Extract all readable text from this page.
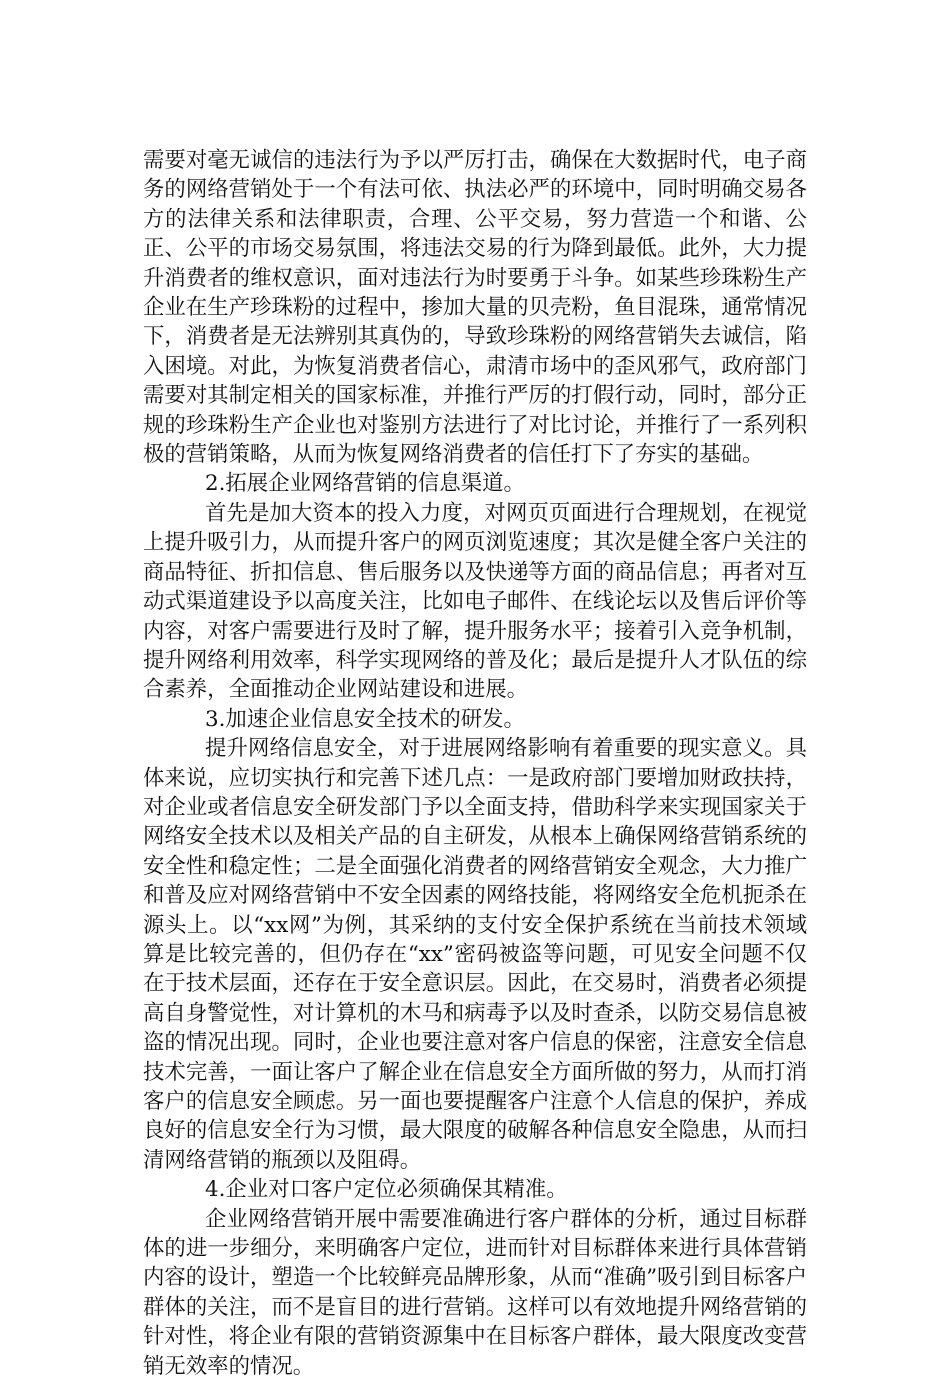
需要对毫无诚信的违法行为予以严厉打击，确保在大数据时代，电子商务的网络营销处于一个有法可依、执法必严的环境中，同时明确交易各方的法律关系和法律职责，合理、公平交易，努力营造一个和谐、公正、公平的市场交易氛围，将违法交易的行为降到最低。此外，大力提升消费者的维权意识，面对违法行为时要勇于斗争。如某些珍珠粉生产企业在生产珍珠粉的过程中，掺加大量的贝壳粉，鱼目混珠，通常情况下，消费者是无法辨别其真伪的，导致珍珠粉的网络营销失去诚信，陷入困境。对此，为恢复消费者信心，肃清市场中的歪风邪气，政府部门需要对其制定相关的国家标准，并推行严厉的打假行动，同时，部分正规的珍珠粉生产企业也对鉴别方法进行了对比讨论，并推行了一系列积极的营销策略，从而为恢复网络消费者的信任打下了夯实的基础。

2.拓展企业网络营销的信息渠道。

首先是加大资本的投入力度，对网页页面进行合理规划，在视觉上提升吸引力，从而提升客户的网页浏览速度；其次是健全客户关注的商品特征、折扣信息、售后服务以及快递等方面的商品信息；再者对互动式渠道建设予以高度关注，比如电子邮件、在线论坛以及售后评价等内容，对客户需要进行及时了解，提升服务水平；接着引入竞争机制，提升网络利用效率，科学实现网络的普及化；最后是提升人才队伍的综合素养，全面推动企业网站建设和进展。

3.加速企业信息安全技术的研发。

提升网络信息安全，对于进展网络影响有着重要的现实意义。具体来说，应切实执行和完善下述几点：一是政府部门要增加财政扶持，对企业或者信息安全研发部门予以全面支持，借助科学来实现国家关于网络安全技术以及相关产品的自主研发，从根本上确保网络营销系统的安全性和稳定性；二是全面强化消费者的网络营销安全观念，大力推广和普及应对网络营销中不安全因素的网络技能，将网络安全危机扼杀在源头上。以“xx网”为例，其采纳的支付安全保护系统在当前技术领域算是比较完善的，但仍存在“xx”密码被盗等问题，可见安全问题不仅在于技术层面，还存在于安全意识层。因此，在交易时，消费者必须提高自身警觉性，对计算机的木马和病毒予以及时查杀，以防交易信息被盗的情况出现。同时，企业也要注意对客户信息的保密，注意安全信息技术完善，一面让客户了解企业在信息安全方面所做的努力，从而打消客户的信息安全顾虑。另一面也要提醒客户注意个人信息的保护，养成良好的信息安全行为习惯，最大限度的破解各种信息安全隐患，从而扫清网络营销的瓶颈以及阻碍。

4.企业对口客户定位必须确保其精准。

企业网络营销开展中需要准确进行客户群体的分析，通过目标群体的进一步细分，来明确客户定位，进而针对目标群体来进行具体营销内容的设计，塑造一个比较鲜亮品牌形象，从而“准确”吸引到目标客户群体的关注，而不是盲目的进行营销。这样可以有效地提升网络营销的针对性，将企业有限的营销资源集中在目标客户群体，最大限度改变营销无效率的情况。
